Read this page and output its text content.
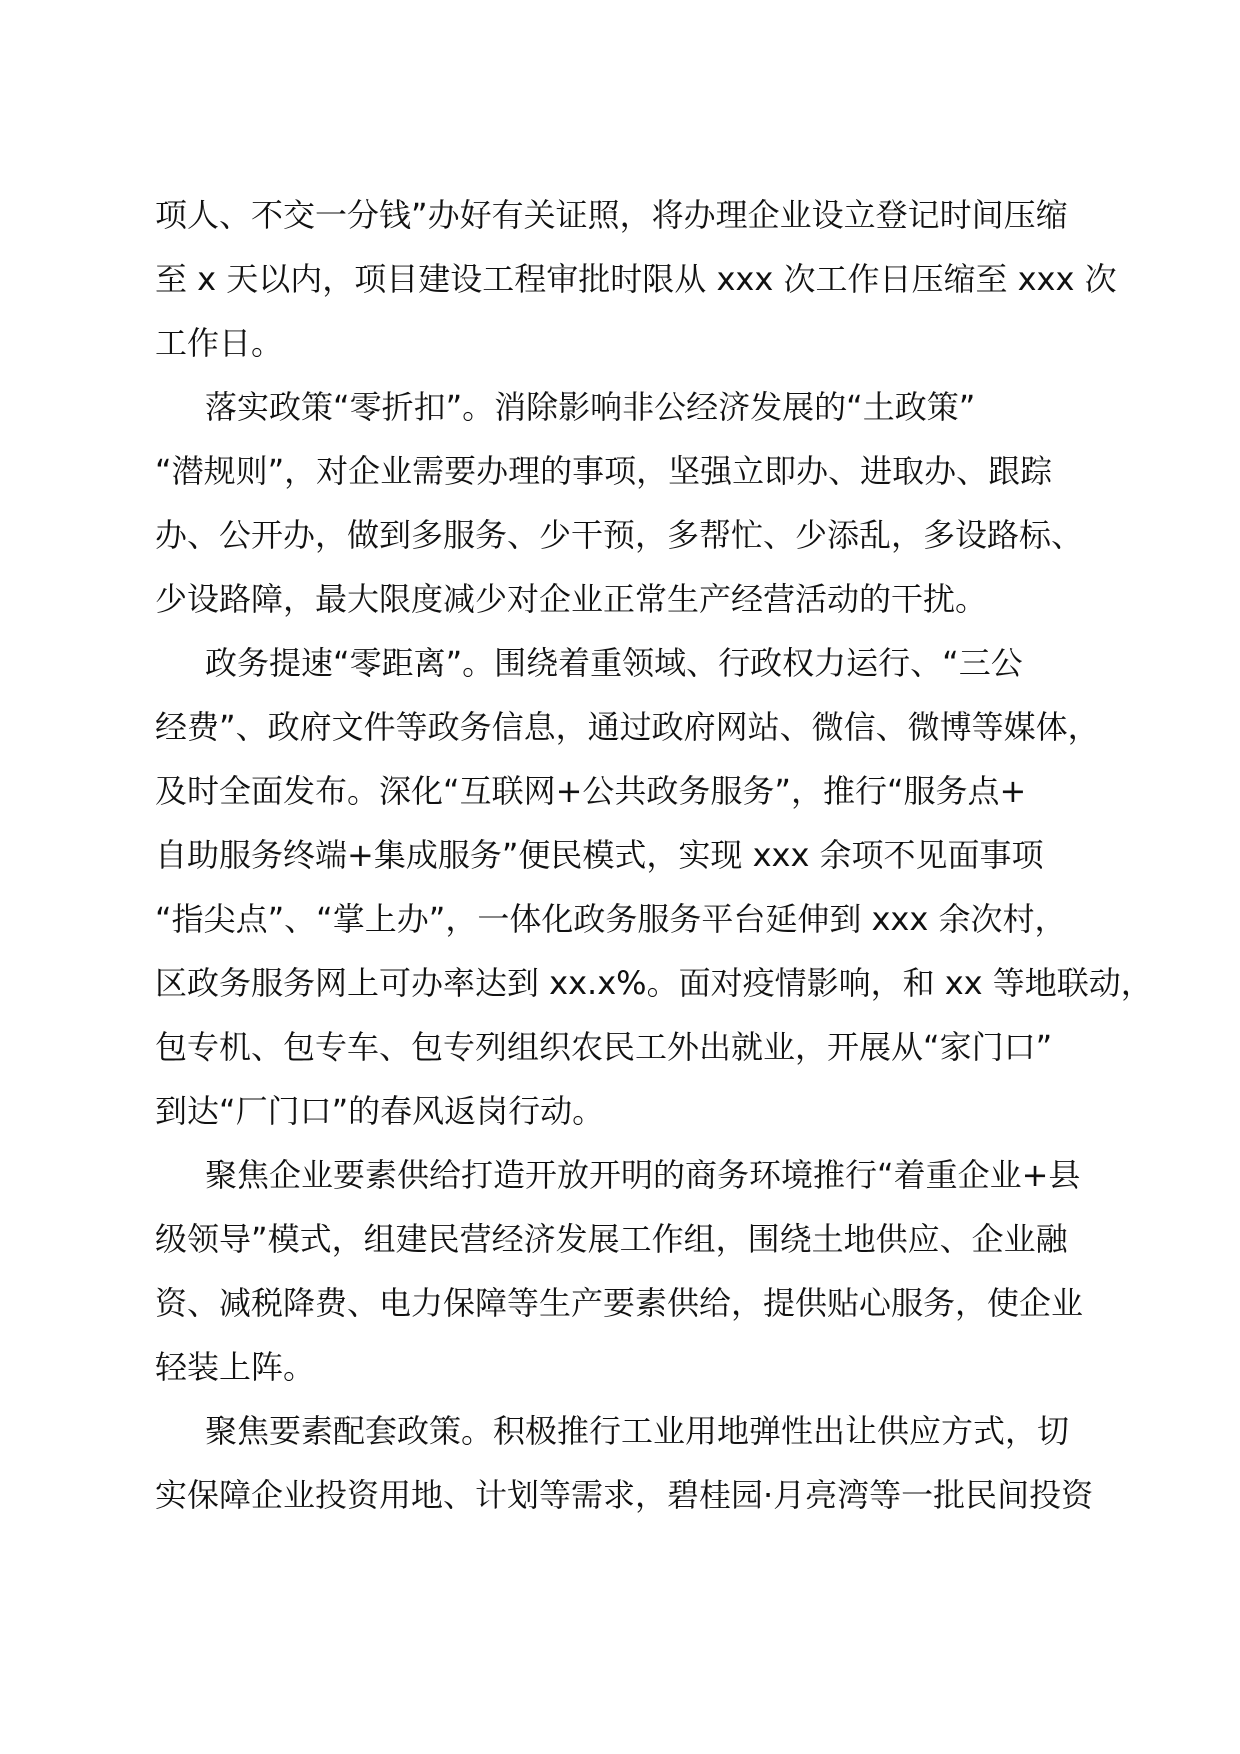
项人、不交一分钱”办好有关证照，将办理企业设立登记时间压缩

至 x 天以内，项目建设工程审批时限从 xxx 次工作日压缩至 xxx 次

工作日。

落实政策“零折扣”。消除影响非公经济发展的“土政策”

“潜规则”，对企业需要办理的事项，坚强立即办、进取办、跟踪

办、公开办，做到多服务、少干预，多帮忙、少添乱，多设路标、

少设路障，最大限度减少对企业正常生产经营活动的干扰。

政务提速“零距离”。围绕着重领域、行政权力运行、“三公

经费”、政府文件等政务信息，通过政府网站、微信、微博等媒体，

及时全面发布。深化“互联网+公共政务服务”，推行“服务点+

自助服务终端+集成服务”便民模式，实现 xxx 余项不见面事项

“指尖点”、“掌上办”，一体化政务服务平台延伸到 xxx 余次村，

区政务服务网上可办率达到 xx.x%。面对疫情影响，和 xx 等地联动，

包专机、包专车、包专列组织农民工外出就业，开展从“家门口”

到达“厂门口”的春风返岗行动。

聚焦企业要素供给打造开放开明的商务环境推行“着重企业+县

级领导”模式，组建民营经济发展工作组，围绕土地供应、企业融

资、减税降费、电力保障等生产要素供给，提供贴心服务，使企业

轻装上阵。

聚焦要素配套政策。积极推行工业用地弹性出让供应方式，切

实保障企业投资用地、计划等需求，碧桂园·月亮湾等一批民间投资
